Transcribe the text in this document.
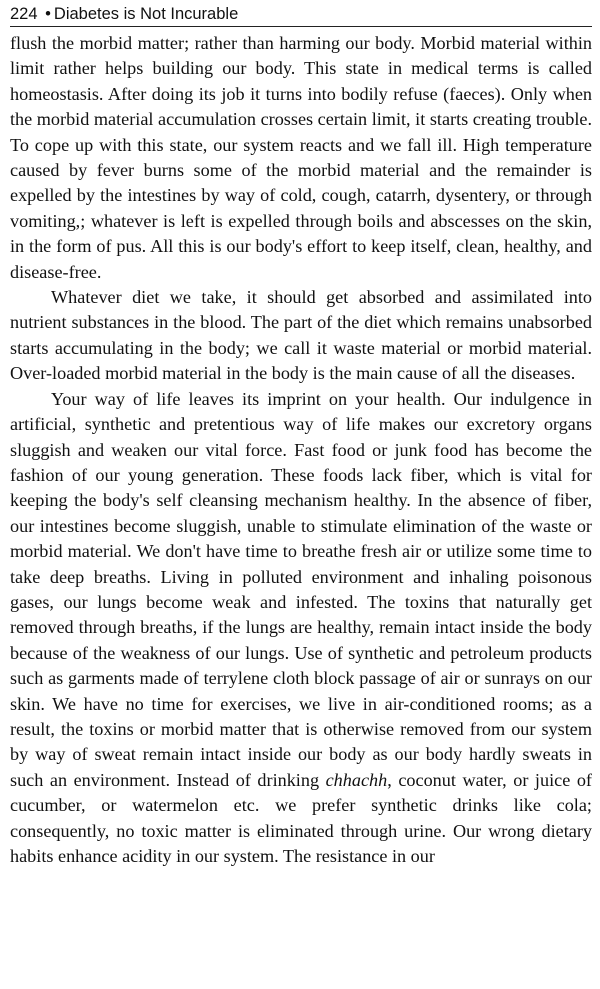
224 • Diabetes is Not Incurable

flush the morbid matter; rather than harming our body. Morbid material within limit rather helps building our body. This state in medical terms is called homeostasis. After doing its job it turns into bodily refuse (faeces). Only when the morbid material accumulation crosses certain limit, it starts creating trouble. To cope up with this state, our system reacts and we fall ill. High temperature caused by fever burns some of the morbid material and the remainder is expelled by the intestines by way of cold, cough, catarrh, dysentery, or through vomiting,; whatever is left is expelled through boils and abscesses on the skin, in the form of pus. All this is our body's effort to keep itself, clean, healthy, and disease-free.

Whatever diet we take, it should get absorbed and assimilated into nutrient substances in the blood. The part of the diet which remains unabsorbed starts accumulating in the body; we call it waste material or morbid material. Over-loaded morbid material in the body is the main cause of all the diseases.

Your way of life leaves its imprint on your health. Our indulgence in artificial, synthetic and pretentious way of life makes our excretory organs sluggish and weaken our vital force. Fast food or junk food has become the fashion of our young generation. These foods lack fiber, which is vital for keeping the body's self cleansing mechanism healthy. In the absence of fiber, our intestines become sluggish, unable to stimulate elimination of the waste or morbid material. We don't have time to breathe fresh air or utilize some time to take deep breaths. Living in polluted environment and inhaling poisonous gases, our lungs become weak and infested. The toxins that naturally get removed through breaths, if the lungs are healthy, remain intact inside the body because of the weakness of our lungs. Use of synthetic and petroleum products such as garments made of terrylene cloth block passage of air or sunrays on our skin. We have no time for exercises, we live in air-conditioned rooms; as a result, the toxins or morbid matter that is otherwise removed from our system by way of sweat remain intact inside our body as our body hardly sweats in such an environment. Instead of drinking chhachh, coconut water, or juice of cucumber, or watermelon etc. we prefer synthetic drinks like cola; consequently, no toxic matter is eliminated through urine. Our wrong dietary habits enhance acidity in our system. The resistance in our
